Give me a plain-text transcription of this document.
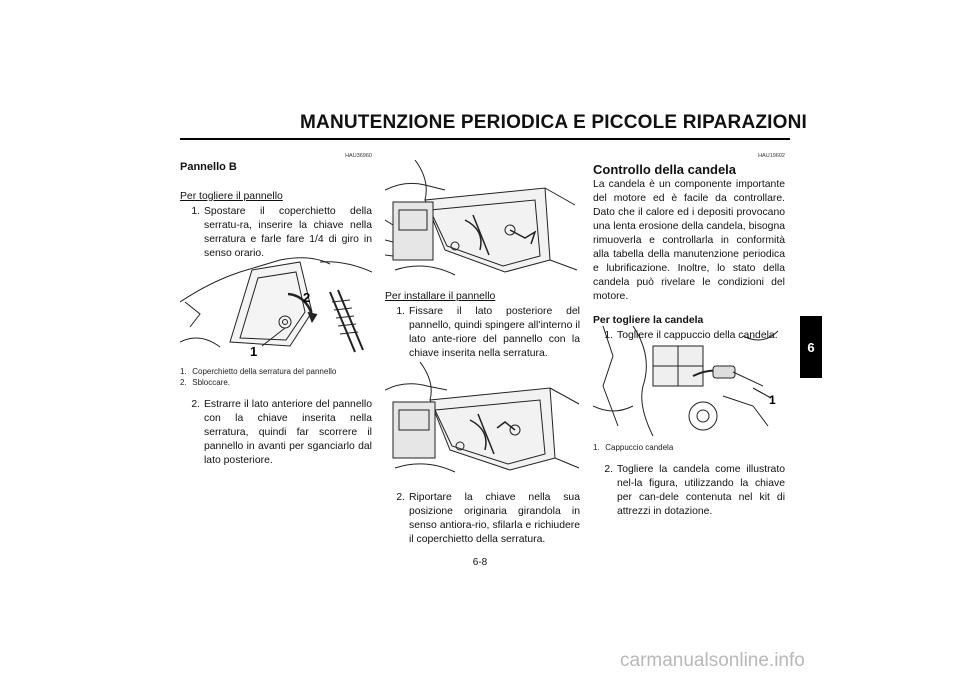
MANUTENZIONE PERIODICA E PICCOLE RIPARAZIONI
6
HAU36960
Pannello B
Per togliere il pannello
1. Spostare il coperchietto della serratu-ra, inserire la chiave nella serratura e farle fare 1/4 di giro in senso orario.
2
1
1. Coperchietto della serratura del pannello
2. Sbloccare.
2. Estrarre il lato anteriore del pannello con la chiave inserita nella serratura, quindi far scorrere il pannello in avanti per sganciarlo dal lato posteriore.
Per installare il pannello
1. Fissare il lato posteriore del pannello, quindi spingere all’interno il lato ante-riore del pannello con la chiave inserita nella serratura.
2. Riportare la chiave nella sua posizione originaria girandola in senso antiora-rio, sfilarla e richiudere il coperchietto della serratura.
HAU19602
Controllo della candela
La candela è un componente importante del motore ed è facile da controllare. Dato che il calore ed i depositi provocano una lenta erosione della candela, bisogna rimuoverla e controllarla in conformità alla tabella della manutenzione periodica e lubrificazione. Inoltre, lo stato della candela può rivelare le condizioni del motore.
Per togliere la candela
1. Togliere il cappuccio della candela.
1
1. Cappuccio candela
2. Togliere la candela come illustrato nel-la figura, utilizzando la chiave per can-dele contenuta nel kit di attrezzi in dotazione.
6-8
carmanualsonline.info
